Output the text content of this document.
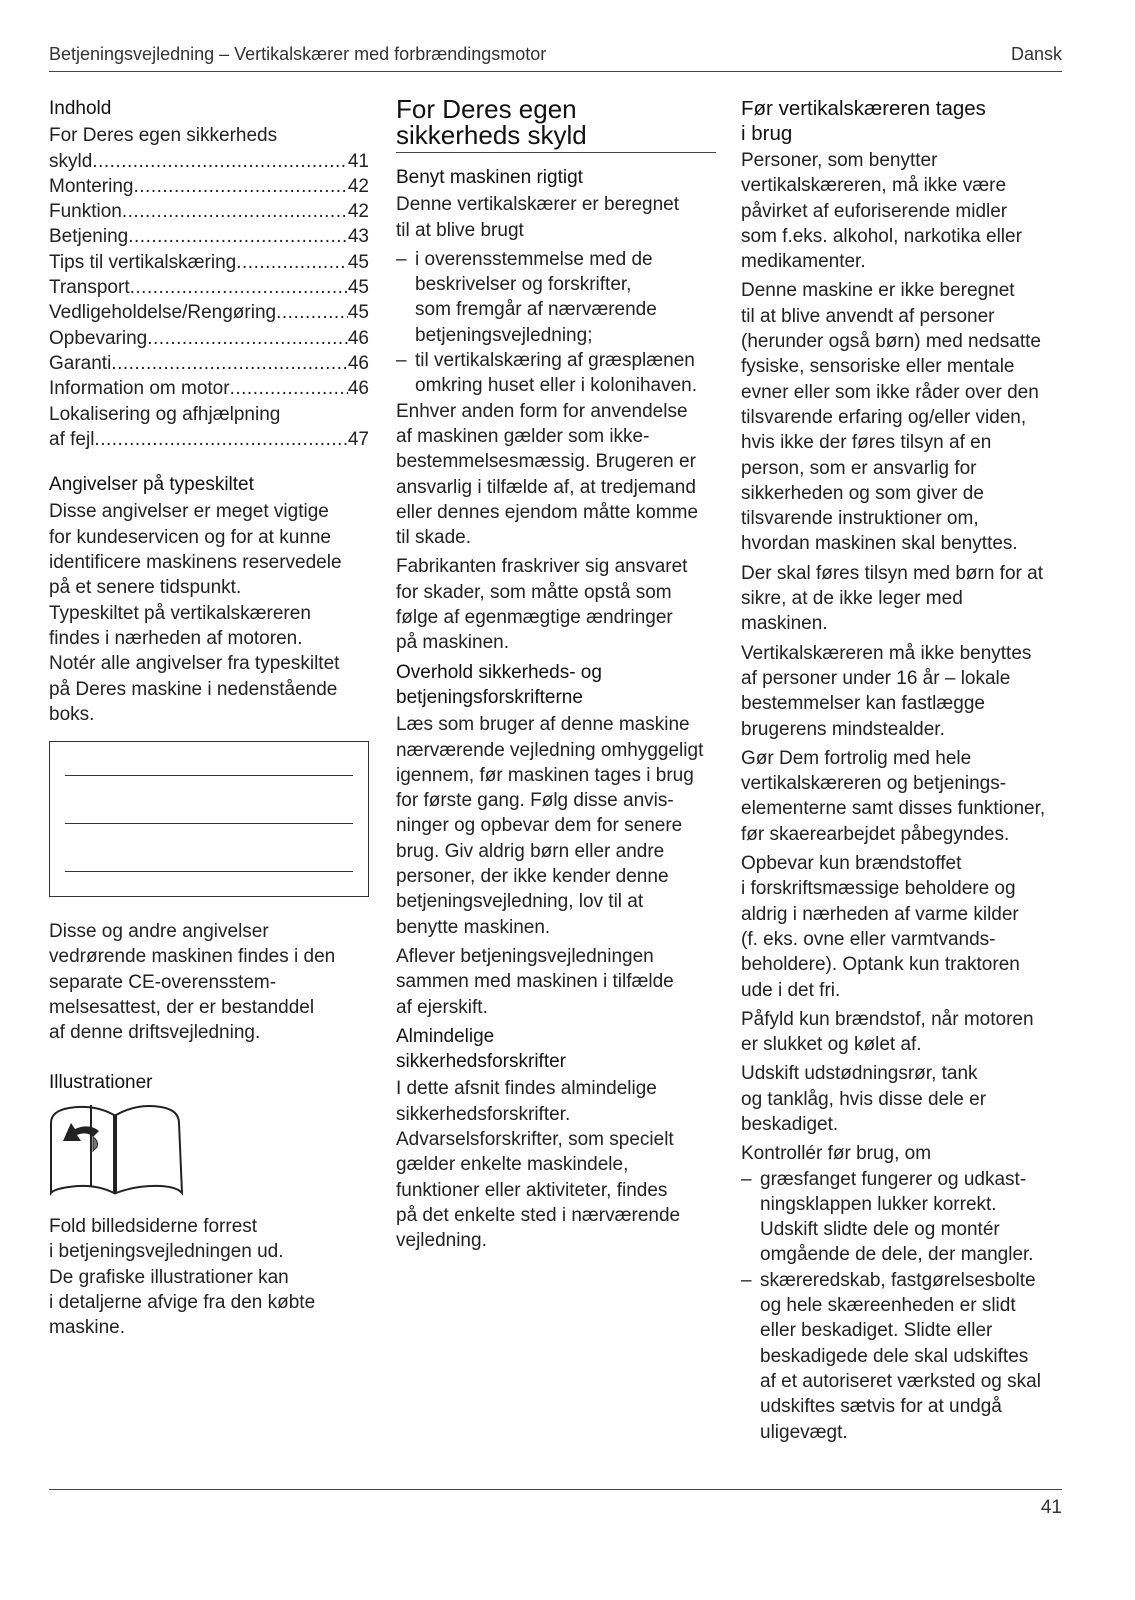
Betjeningsvejledning – Vertikalskærer med forbrændingsmotor	Dansk
Indhold
For Deres egen sikkerheds
skyld .....	41
Montering .....	42
Funktion .....	42
Betjening .....	43
Tips til vertikalskæring .....	45
Transport .....	45
Vedligeholdelse/Rengøring .....	45
Opbevaring .....	46
Garanti .....	46
Information om motor .....	46
Lokalisering og afhjælpning
af fejl .....	47
Angivelser på typeskiltet
Disse angivelser er meget vigtige
for kundeservicen og for at kunne
identificere maskinens reservedele
på et senere tidspunkt.
Typeskiltet på vertikalskæreren
findes i nærheden af motoren.
Notér alle angivelser fra typeskiltet
på Deres maskine i nedenstående
boks.
Disse og andre angivelser
vedrørende maskinen findes i den
separate CE-overensstem-
melsesattest, der er bestanddel
af denne driftsvejledning.
Illustrationer
Fold billedsiderne forrest
i betjeningsvejledningen ud.
De grafiske illustrationer kan
i detaljerne afvige fra den købte
maskine.
For Deres egen
sikkerheds skyld
Benyt maskinen rigtigt
Denne vertikalskærer er beregnet
til at blive brugt
– i overensstemmelse med de
beskrivelser og forskrifter,
som fremgår af nærværende
betjeningsvejledning;
– til vertikalskæring af græsplænen
omkring huset eller i kolonihaven.
Enhver anden form for anvendelse
af maskinen gælder som ikke-
bestemmelsesmæssig. Brugeren er
ansvarlig i tilfælde af, at tredjemand
eller dennes ejendom måtte komme
til skade.
Fabrikanten fraskriver sig ansvaret
for skader, som måtte opstå som
følge af egenmægtige ændringer
på maskinen.
Overhold sikkerheds- og
betjeningsforskrifterne
Læs som bruger af denne maskine
nærværende vejledning omhyggeligt
igennem, før maskinen tages i brug
for første gang. Følg disse anvis-
ninger og opbevar dem for senere
brug. Giv aldrig børn eller andre
personer, der ikke kender denne
betjeningsvejledning, lov til at
benytte maskinen.
Aflever betjeningsvejledningen
sammen med maskinen i tilfælde
af ejerskift.
Almindelige
sikkerhedsforskrifter
I dette afsnit findes almindelige
sikkerhedsforskrifter.
Advarselsforskrifter, som specielt
gælder enkelte maskindele,
funktioner eller aktiviteter, findes
på det enkelte sted i nærværende
vejledning.
Før vertikalskæreren tages
i brug
Personer, som benytter
vertikalskæreren, må ikke være
påvirket af euforiserende midler
som f.eks. alkohol, narkotika eller
medikamenter.
Denne maskine er ikke beregnet
til at blive anvendt af personer
(herunder også børn) med nedsatte
fysiske, sensoriske eller mentale
evner eller som ikke råder over den
tilsvarende erfaring og/eller viden,
hvis ikke der føres tilsyn af en
person, som er ansvarlig for
sikkerheden og som giver de
tilsvarende instruktioner om,
hvordan maskinen skal benyttes.
Der skal føres tilsyn med børn for at
sikre, at de ikke leger med
maskinen.
Vertikalskæreren må ikke benyttes
af personer under 16 år – lokale
bestemmelser kan fastlægge
brugerens mindstealder.
Gør Dem fortrolig med hele
vertikalskæreren og betjenings-
elementerne samt disses funktioner,
før skaerearbejdet påbegyndes.
Opbevar kun brændstoffet
i forskriftsmæssige beholdere og
aldrig i nærheden af varme kilder
(f. eks. ovne eller varmtvands-
beholdere). Optank kun traktoren
ude i det fri.
Påfyld kun brændstof, når motoren
er slukket og kølet af.
Udskift udstødningsrør, tank
og tanklåg, hvis disse dele er
beskadiget.
Kontrollér før brug, om
– græsfanget fungerer og udkast-
ningsklappen lukker korrekt.
Udskift slidte dele og montér
omgående de dele, der mangler.
– skæreredskab, fastgørelsesbolte
og hele skæreenheden er slidt
eller beskadiget. Slidte eller
beskadigede dele skal udskiftes
af et autoriseret værksted og skal
udskiftes sætvis for at undgå
uligevægt.
41
